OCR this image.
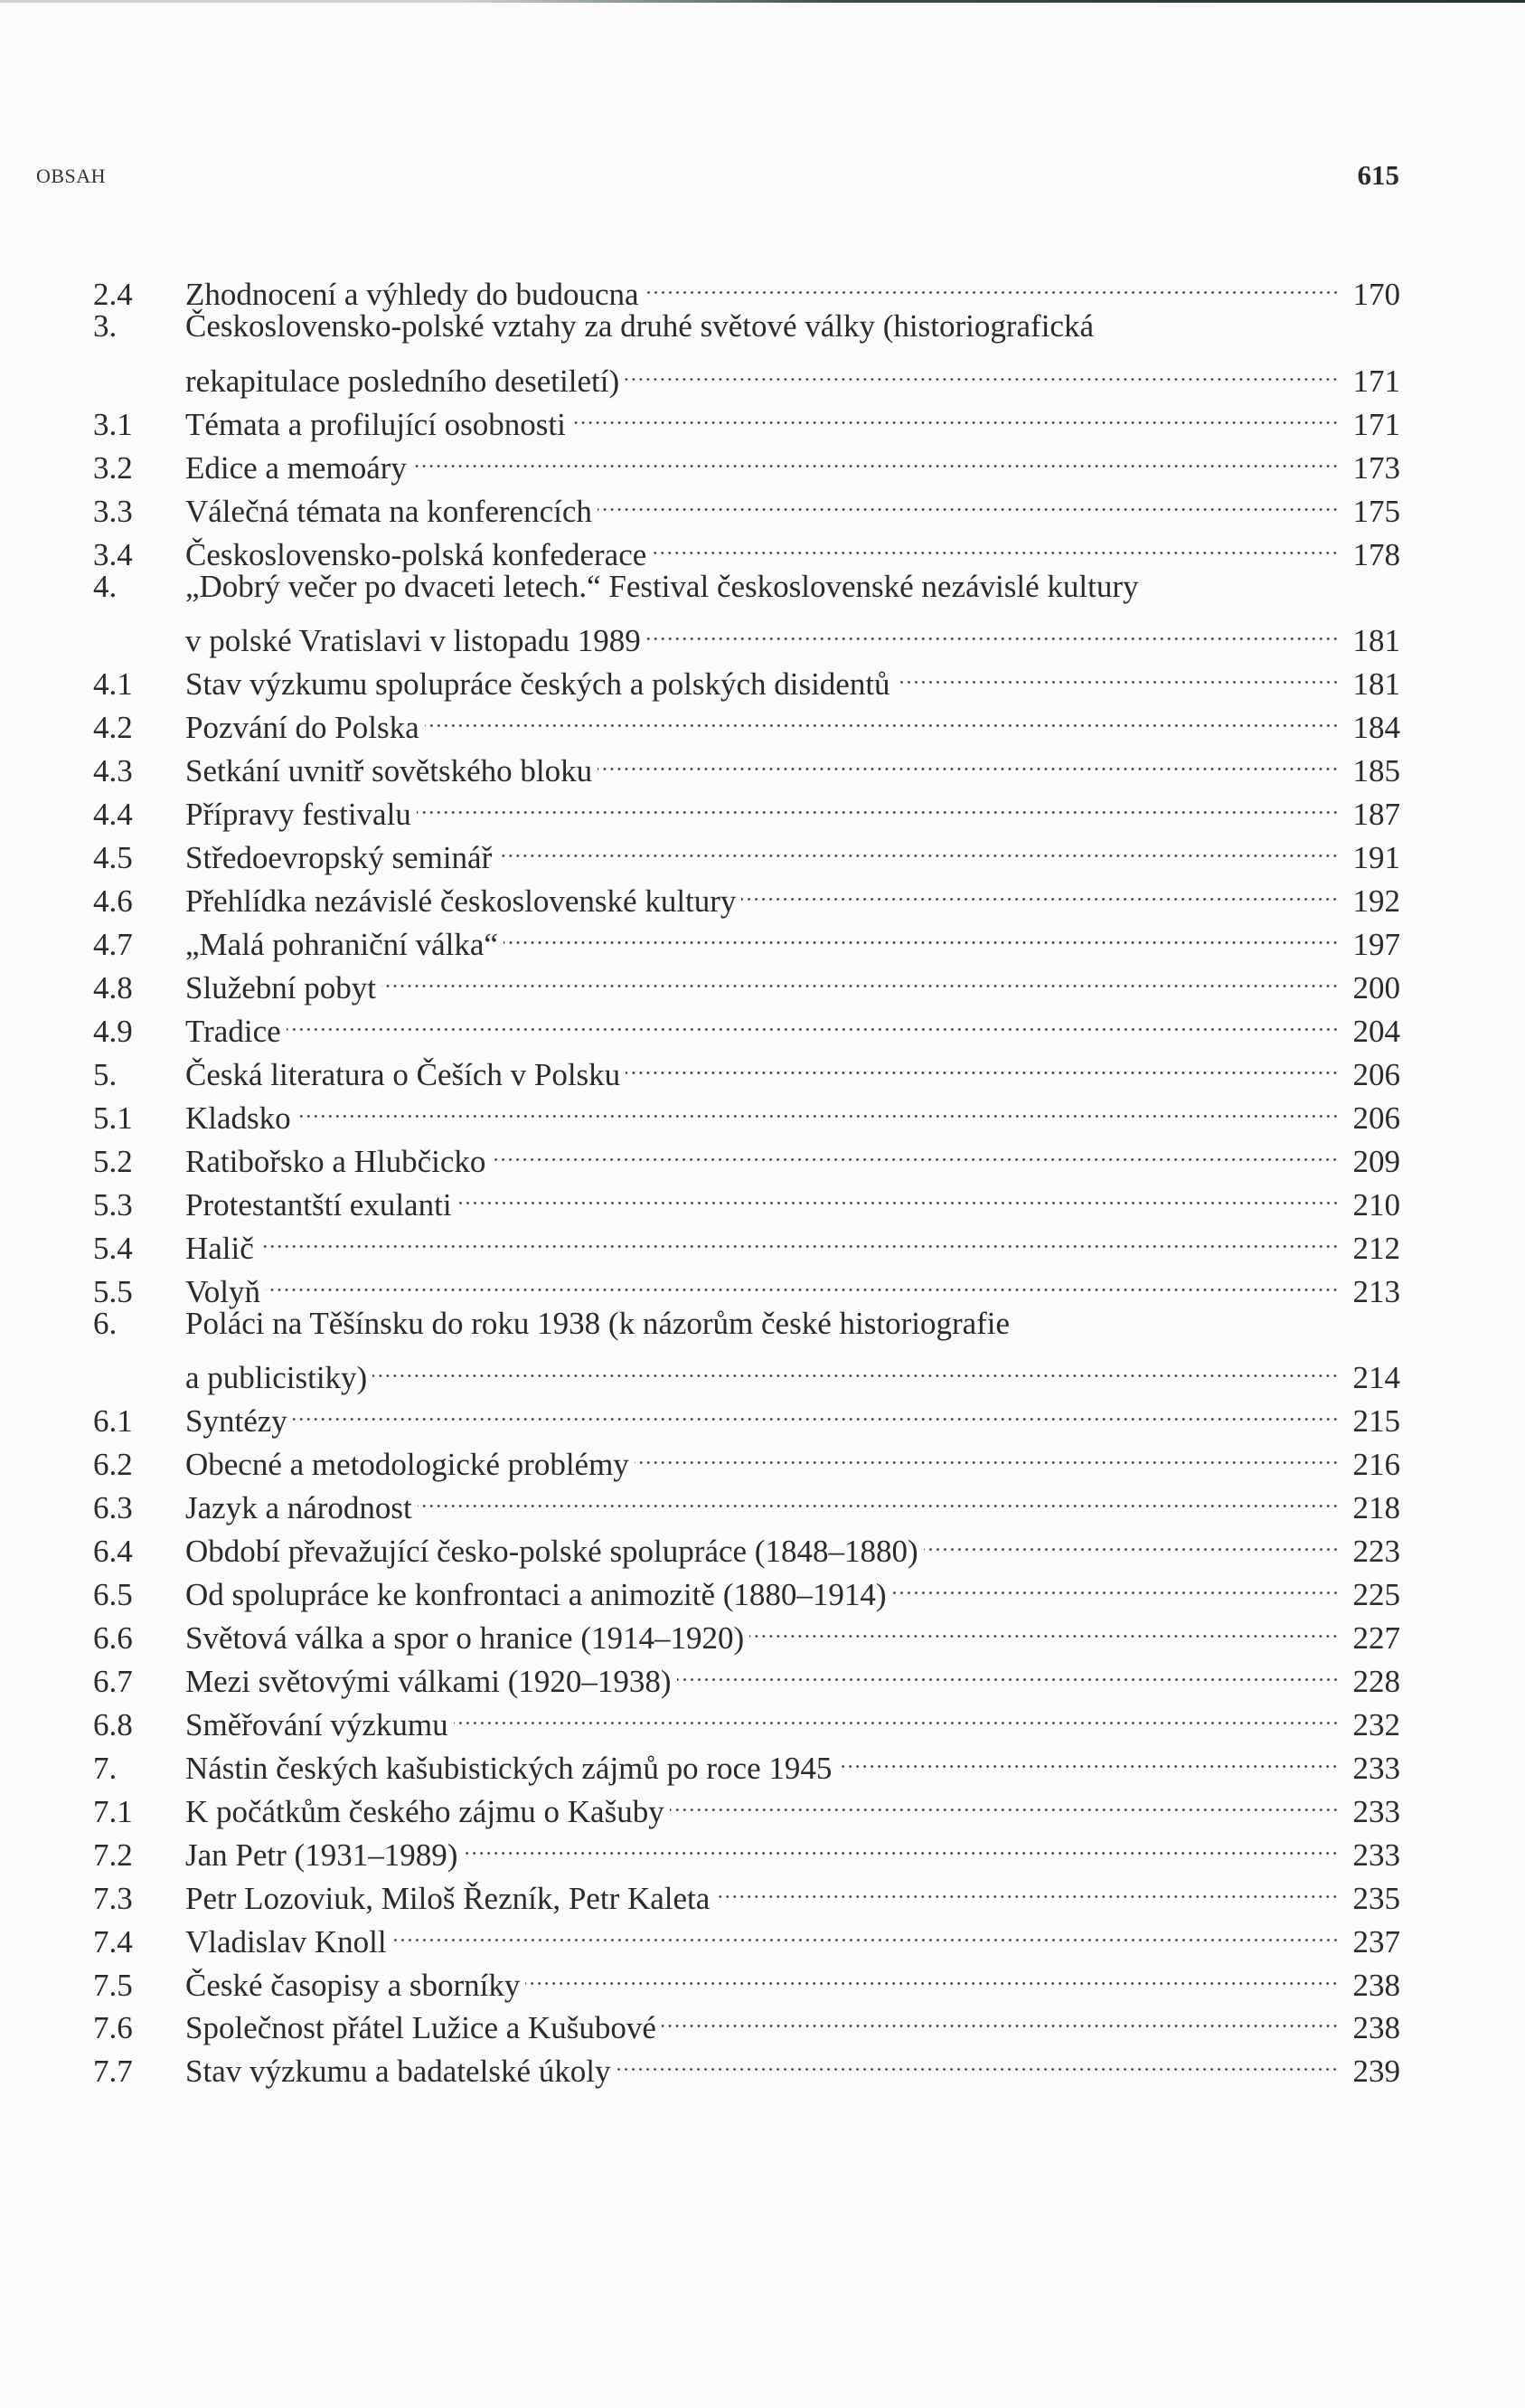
OBSAH	615
2.4	Zhodnocení a výhledy do budoucna	170
3.	Československo-polské vztahy za druhé světové války (historiografická
rekapitulace posledního desetiletí)	171
3.1	Témata a profilující osobnosti	171
3.2	Edice a memoáry	173
3.3	Válečná témata na konferencích	175
3.4	Československo-polská konfederace	178
4.	„Dobrý večer po dvaceti letech.“ Festival československé nezávislé kultury
v polské Vratislavi v listopadu 1989	181
4.1	Stav výzkumu spolupráce českých a polských disidentů	181
4.2	Pozvání do Polska	184
4.3	Setkání uvnitř sovětského bloku	185
4.4	Přípravy festivalu	187
4.5	Středoevropský seminář	191
4.6	Přehlídka nezávislé československé kultury	192
4.7	„Malá pohraniční válka“	197
4.8	Služební pobyt	200
4.9	Tradice	204
5.	Česká literatura o Češích v Polsku	206
5.1	Kladsko	206
5.2	Ratibořsko a Hlubčicko	209
5.3	Protestantští exulanti	210
5.4	Halič	212
5.5	Volyň	213
6.	Poláci na Těšínsku do roku 1938 (k názorům české historiografie
a publicistiky)	214
6.1	Syntézy	215
6.2	Obecné a metodologické problémy	216
6.3	Jazyk a národnost	218
6.4	Období převažující česko-polské spolupráce (1848–1880)	223
6.5	Od spolupráce ke konfrontaci a animozitě (1880–1914)	225
6.6	Světová válka a spor o hranice (1914–1920)	227
6.7	Mezi světovými válkami (1920–1938)	228
6.8	Směřování výzkumu	232
7.	Nástin českých kašubistických zájmů po roce 1945	233
7.1	K počátkům českého zájmu o Kašuby	233
7.2	Jan Petr (1931–1989)	233
7.3	Petr Lozoviuk, Miloš Řezník, Petr Kaleta	235
7.4	Vladislav Knoll	237
7.5	České časopisy a sborníky	238
7.6	Společnost přátel Lužice a Kušubové	238
7.7	Stav výzkumu a badatelské úkoly	239
